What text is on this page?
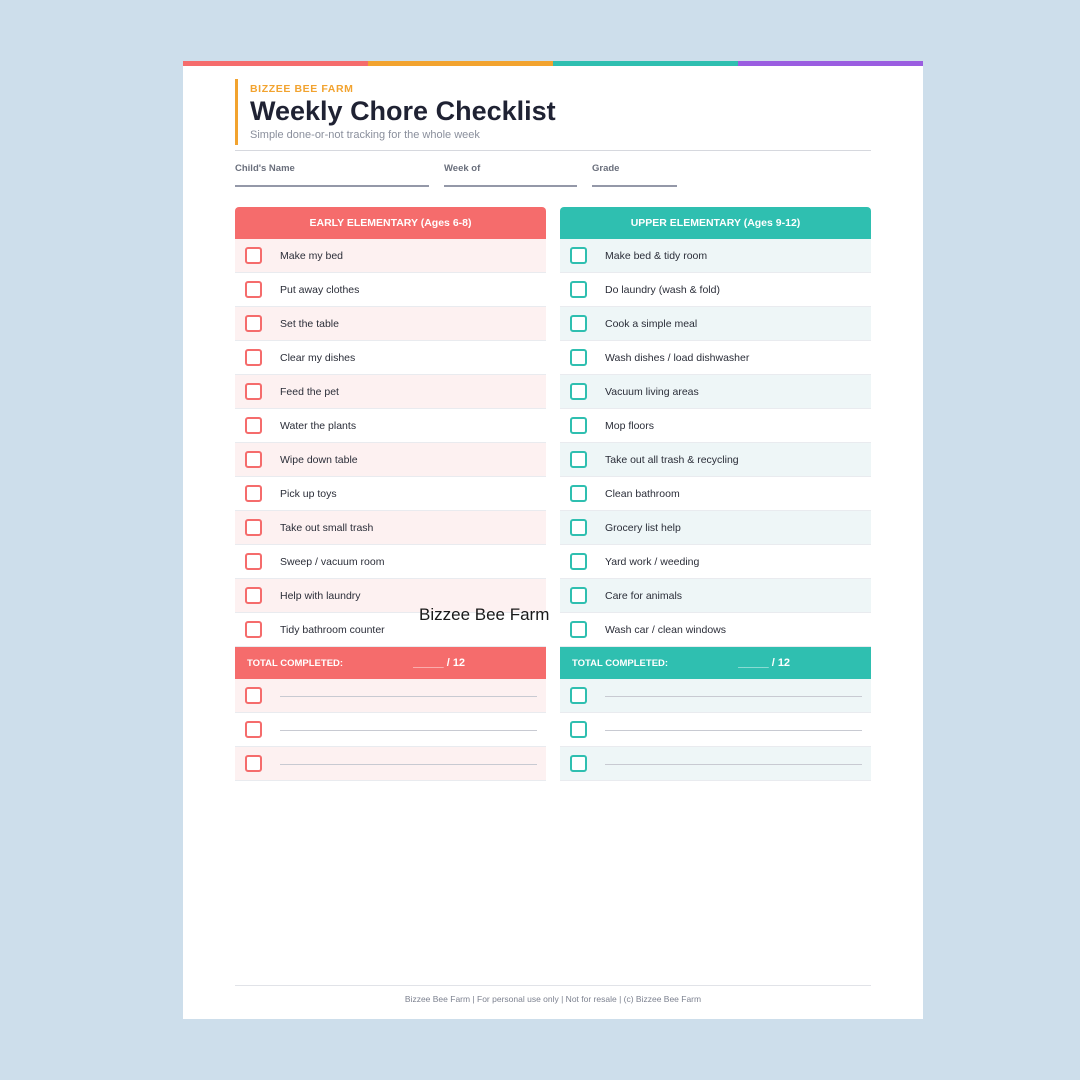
BIZZEE BEE FARM
Weekly Chore Checklist
Simple done-or-not tracking for the whole week
Child's Name	Week of	Grade
EARLY ELEMENTARY (Ages 6-8)
Make my bed
Put away clothes
Set the table
Clear my dishes
Feed the pet
Water the plants
Wipe down table
Pick up toys
Take out small trash
Sweep / vacuum room
Help with laundry
Tidy bathroom counter
TOTAL COMPLETED:	_____ / 12
UPPER ELEMENTARY (Ages 9-12)
Make bed & tidy room
Do laundry (wash & fold)
Cook a simple meal
Wash dishes / load dishwasher
Vacuum living areas
Mop floors
Take out all trash & recycling
Clean bathroom
Grocery list help
Yard work / weeding
Care for animals
Wash car / clean windows
TOTAL COMPLETED:	_____ / 12
Bizzee Bee Farm | For personal use only | Not for resale | (c) Bizzee Bee Farm
Bizzee Bee Farm
